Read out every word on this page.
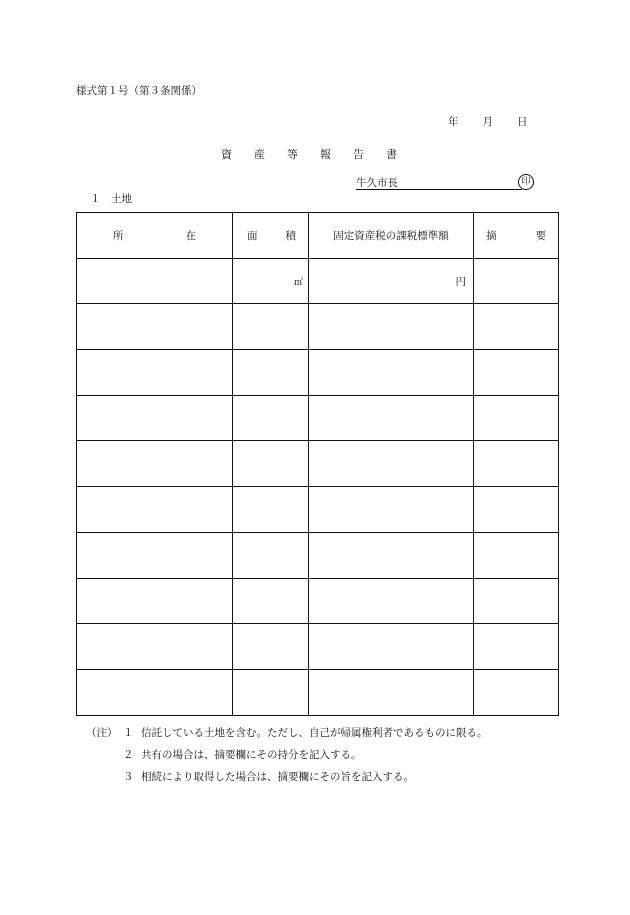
様式第１号（第３条関係）
年 月 日
資 産 等 報 告 書
牛久市長	印
１　土地
所 在	面 積	固定資産税の課税標準額	摘 要

	㎡	円	

（注） １ 信託している土地を含む。ただし、自己が帰属権利者であるものに限る。
２ 共有の場合は、摘要欄にその持分を記入する。
３ 相続により取得した場合は、摘要欄にその旨を記入する。
